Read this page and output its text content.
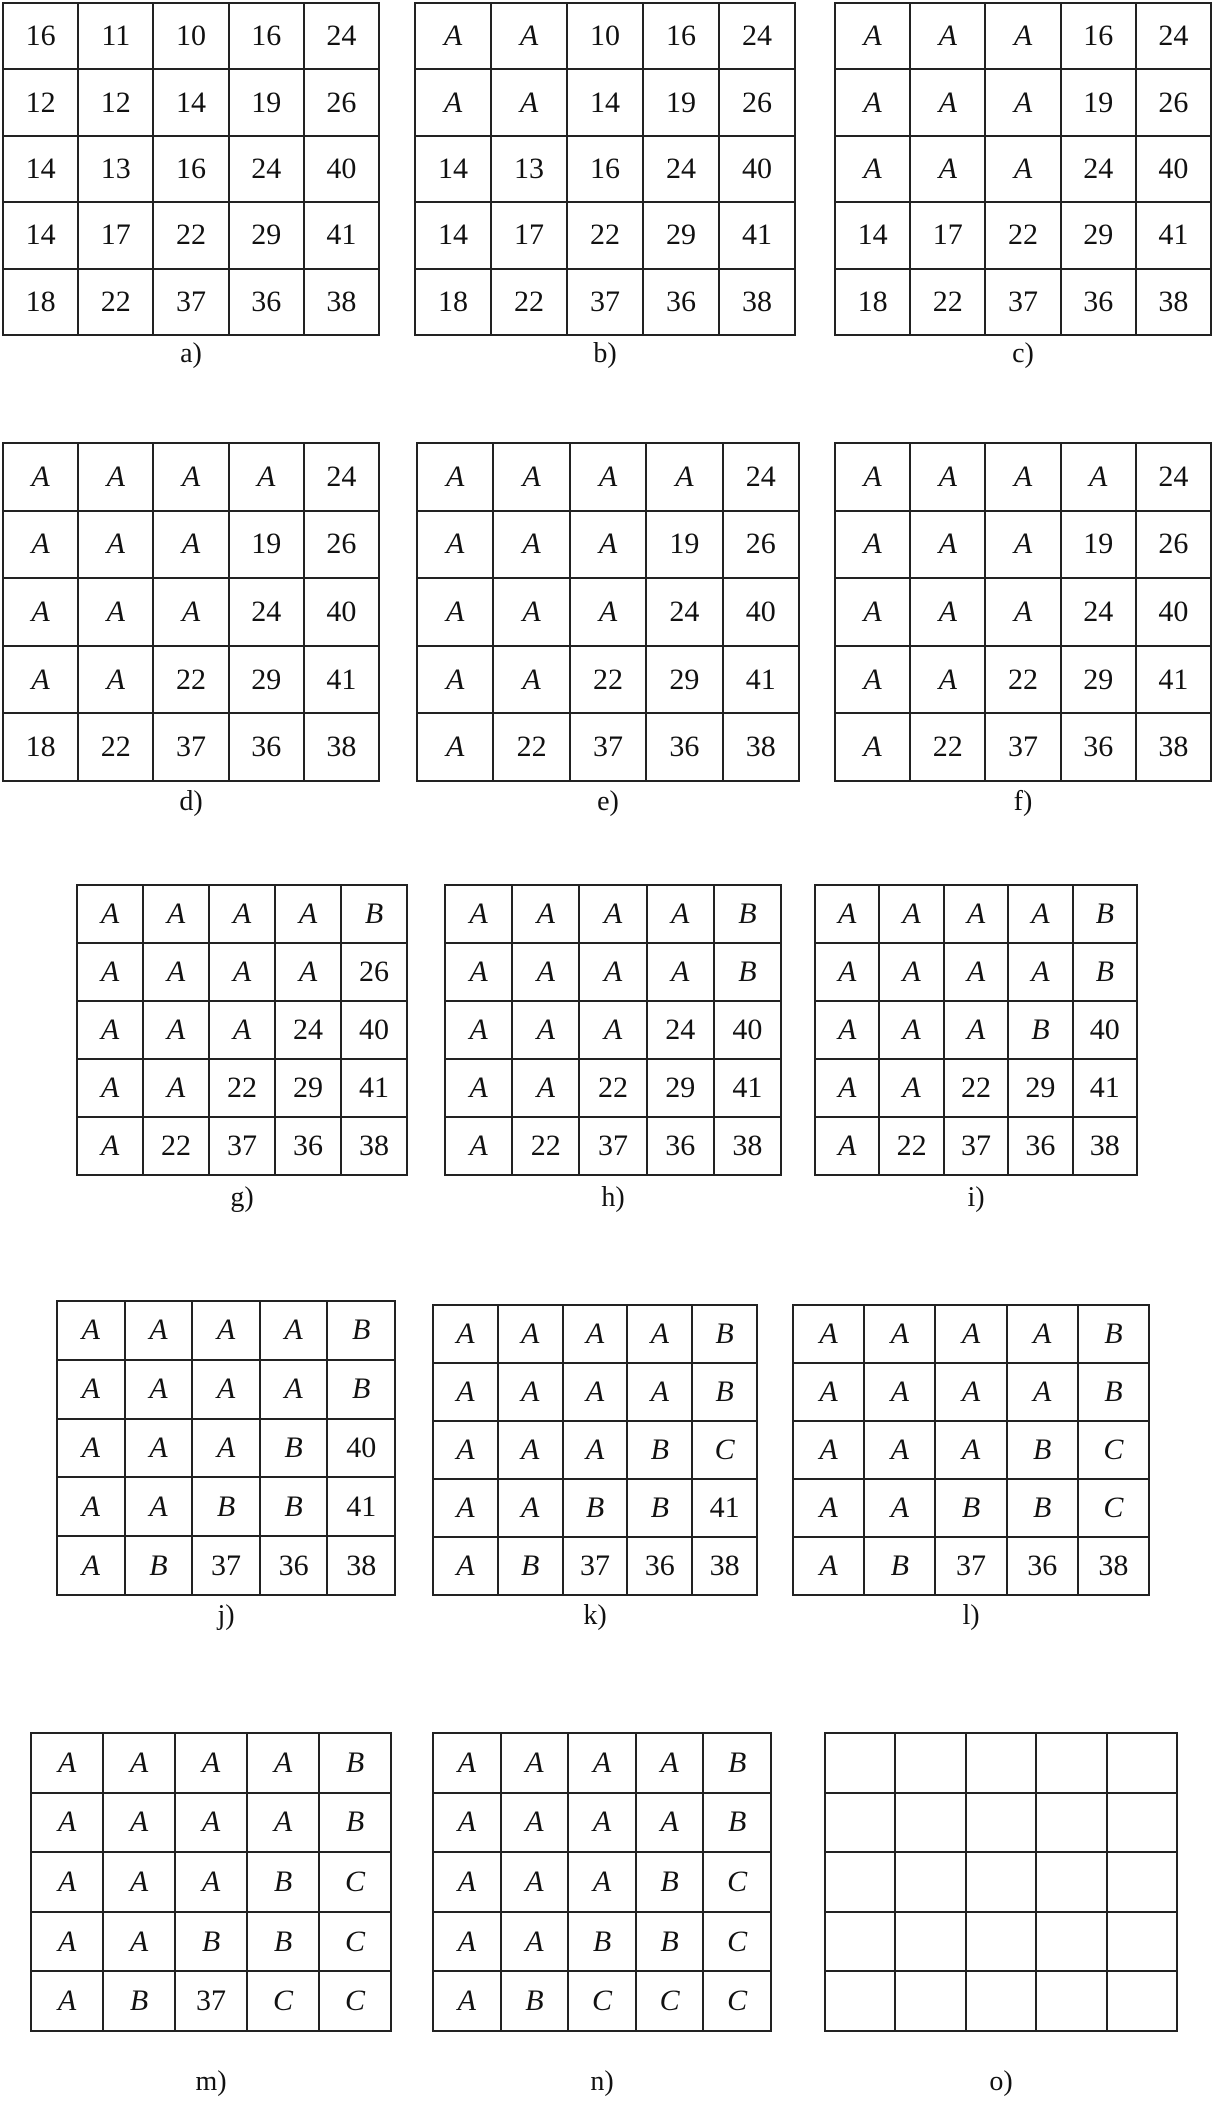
16	11	10	16	24
12	12	14	19	26
14	13	16	24	40
14	17	22	29	41
18	22	37	36	38
a)
A	A	10	16	24
A	A	14	19	26
14	13	16	24	40
14	17	22	29	41
18	22	37	36	38
b)
A	A	A	16	24
A	A	A	19	26
A	A	A	24	40
14	17	22	29	41
18	22	37	36	38
c)
A	A	A	A	24
A	A	A	19	26
A	A	A	24	40
A	A	22	29	41
18	22	37	36	38
d)
A	A	A	A	24
A	A	A	19	26
A	A	A	24	40
A	A	22	29	41
A	22	37	36	38
e)
A	A	A	A	24
A	A	A	19	26
A	A	A	24	40
A	A	22	29	41
A	22	37	36	38
f)
A	A	A	A	B
A	A	A	A	26
A	A	A	24	40
A	A	22	29	41
A	22	37	36	38
g)
A	A	A	A	B
A	A	A	A	B
A	A	A	24	40
A	A	22	29	41
A	22	37	36	38
h)
A	A	A	A	B
A	A	A	A	B
A	A	A	B	40
A	A	22	29	41
A	22	37	36	38
i)
A	A	A	A	B
A	A	A	A	B
A	A	A	B	40
A	A	B	B	41
A	B	37	36	38
j)
A	A	A	A	B
A	A	A	A	B
A	A	A	B	C
A	A	B	B	41
A	B	37	36	38
k)
A	A	A	A	B
A	A	A	A	B
A	A	A	B	C
A	A	B	B	C
A	B	37	36	38
l)
A	A	A	A	B
A	A	A	A	B
A	A	A	B	C
A	A	B	B	C
A	B	37	C	C
m)
A	A	A	A	B
A	A	A	A	B
A	A	A	B	C
A	A	B	B	C
A	B	C	C	C
n)	o)
